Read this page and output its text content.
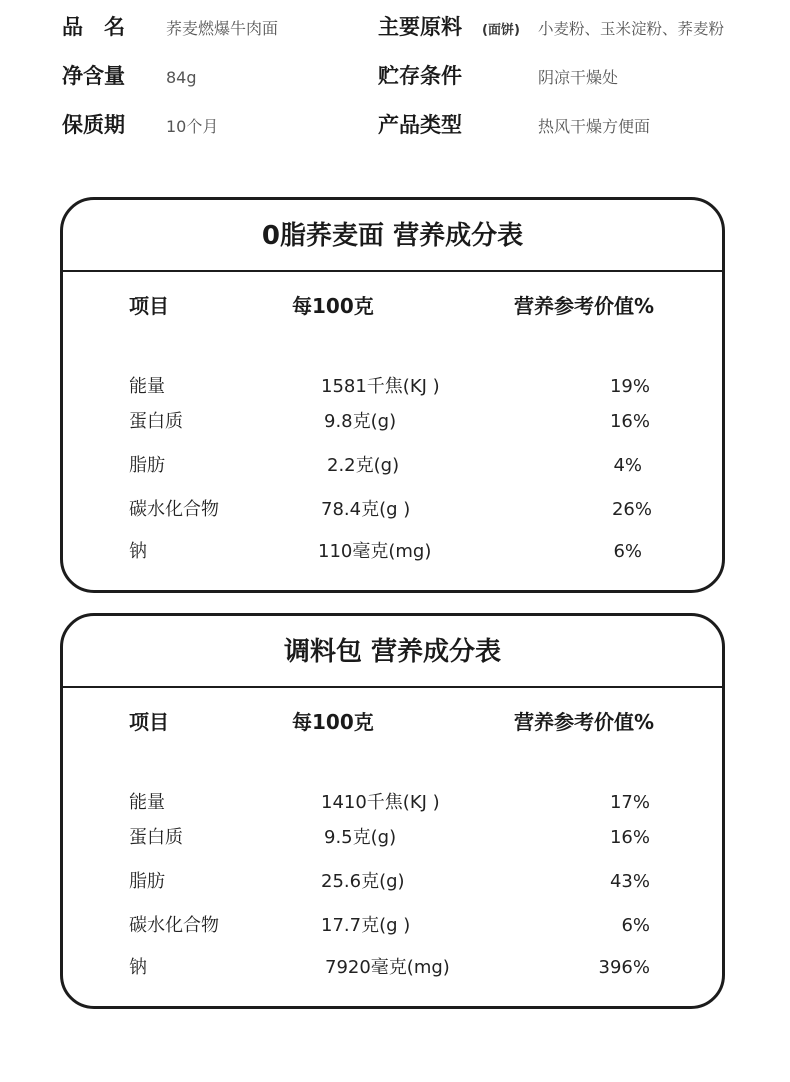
品　名	荞麦燃爆牛肉面	主要原料 (面饼) 小麦粉、玉米淀粉、荞麦粉
净含量	84g	贮存条件	阴凉干燥处
保质期	10个月	产品类型	热风干燥方便面
0脂荞麦面 营养成分表
项目	每100克	营养参考价值%
能量	1581千焦(KJ )	19%
蛋白质	9.8克(g)	16%
脂肪	2.2克(g)	4%
碳水化合物	78.4克(g )	26%
钠	110毫克(mg)	6%
调料包 营养成分表
项目	每100克	营养参考价值%
能量	1410千焦(KJ )	17%
蛋白质	9.5克(g)	16%
脂肪	25.6克(g)	43%
碳水化合物	17.7克(g )	6%
钠	7920毫克(mg)	396%
